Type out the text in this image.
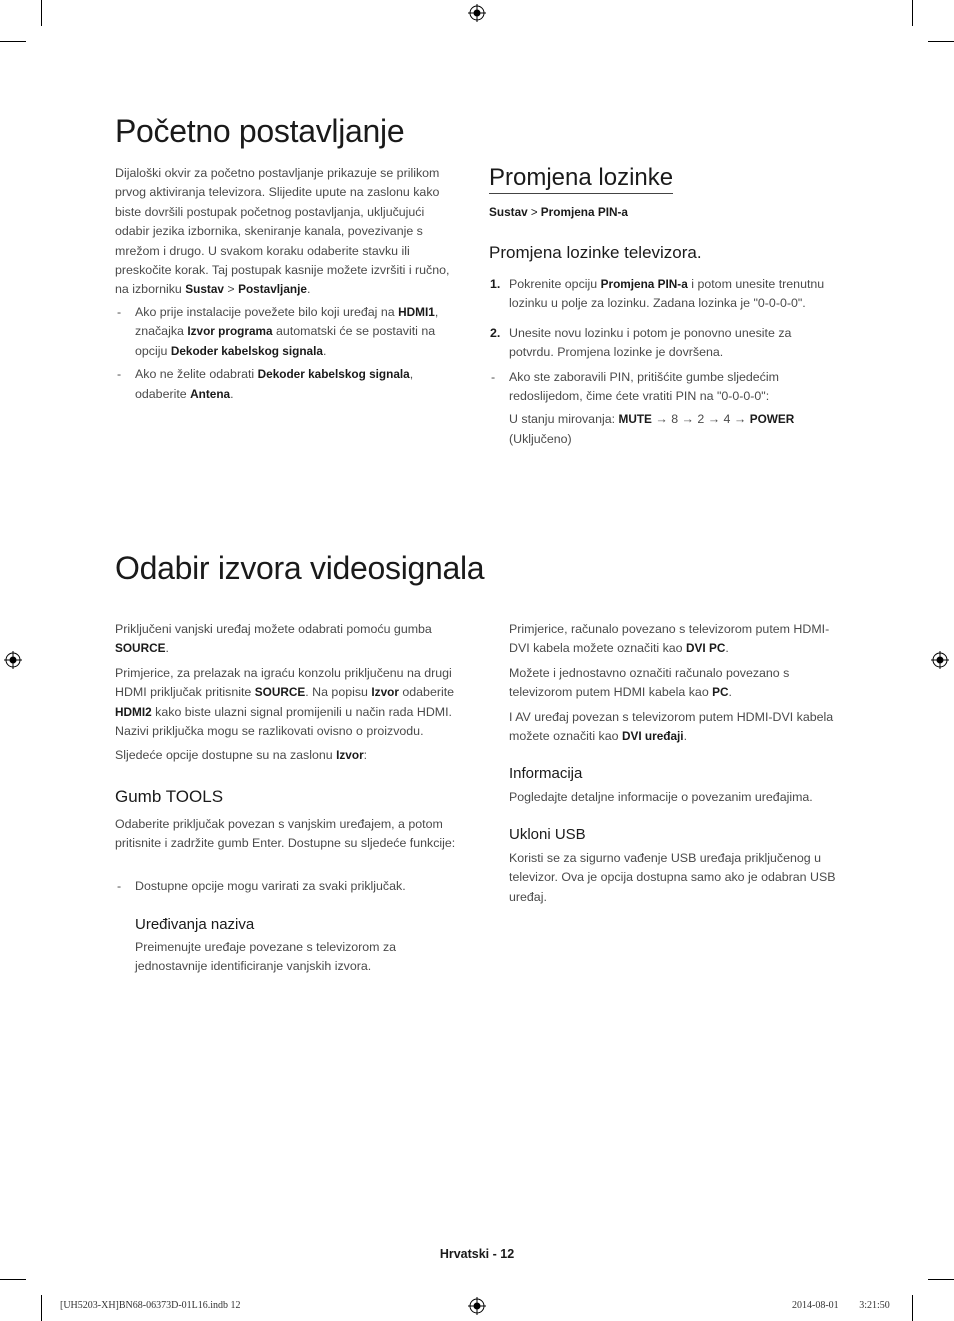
Početno postavljanje

Dijaloški okvir za početno postavljanje prikazuje se prilikom prvog aktiviranja televizora. Slijedite upute na zaslonu kako biste dovršili postupak početnog postavljanja, uključujući odabir jezika izbornika, skeniranje kanala, povezivanje s mrežom i drugo. U svakom koraku odaberite stavku ili preskočite korak. Taj postupak kasnije možete izvršiti i ručno, na izborniku Sustav > Postavljanje.

- Ako prije instalacije povežete bilo koji uređaj na HDMI1, značajka Izvor programa automatski će se postaviti na opciju Dekoder kabelskog signala.
- Ako ne želite odabrati Dekoder kabelskog signala, odaberite Antena.
Promjena lozinke
Sustav > Promjena PIN-a
Promjena lozinke televizora.
1. Pokrenite opciju Promjena PIN-a i potom unesite trenutnu lozinku u polje za lozinku. Zadana lozinka je "0-0-0-0".
2. Unesite novu lozinku i potom je ponovno unesite za potvrdu. Promjena lozinke je dovršena.
- Ako ste zaboravili PIN, pritišćite gumbe sljedećim redoslijedom, čime ćete vratiti PIN na "0-0-0-0":
U stanju mirovanja: MUTE → 8 → 2 → 4 → POWER (Uključeno)
Odabir izvora videosignala

Priključeni vanjski uređaj možete odabrati pomoću gumba SOURCE.

Primjerice, za prelazak na igraću konzolu priključenu na drugi HDMI priključak pritisnite SOURCE. Na popisu Izvor odaberite HDMI2 kako biste ulazni signal promijenili u način rada HDMI. Nazivi priključka mogu se razlikovati ovisno o proizvodu.

Sljedeće opcije dostupne su na zaslonu Izvor:

Gumb TOOLS

Odaberite priključak povezan s vanjskim uređajem, a potom pritisnite i zadržite gumb Enter. Dostupne su sljedeće funkcije:

- Dostupne opcije mogu varirati za svaki priključak.
Uređivanja naziva

Preimenujte uređaje povezane s televizorom za jednostavnije identificiranje vanjskih izvora.

Primjerice, računalo povezano s televizorom putem HDMI-DVI kabela možete označiti kao DVI PC.

Možete i jednostavno označiti računalo povezano s televizorom putem HDMI kabela kao PC.

I AV uređaj povezan s televizorom putem HDMI-DVI kabela možete označiti kao DVI uređaji.

Informacija

Pogledajte detaljne informacije o povezanim uređajima.

Ukloni USB

Koristi se za sigurno vađenje USB uređaja priključenog u televizor. Ova je opcija dostupna samo ako je odabran USB uređaj.

Hrvatski - 12
[UH5203-XH]BN68-06373D-01L16.indb 12	2014-08-01 ￿￿ 3:21:50
